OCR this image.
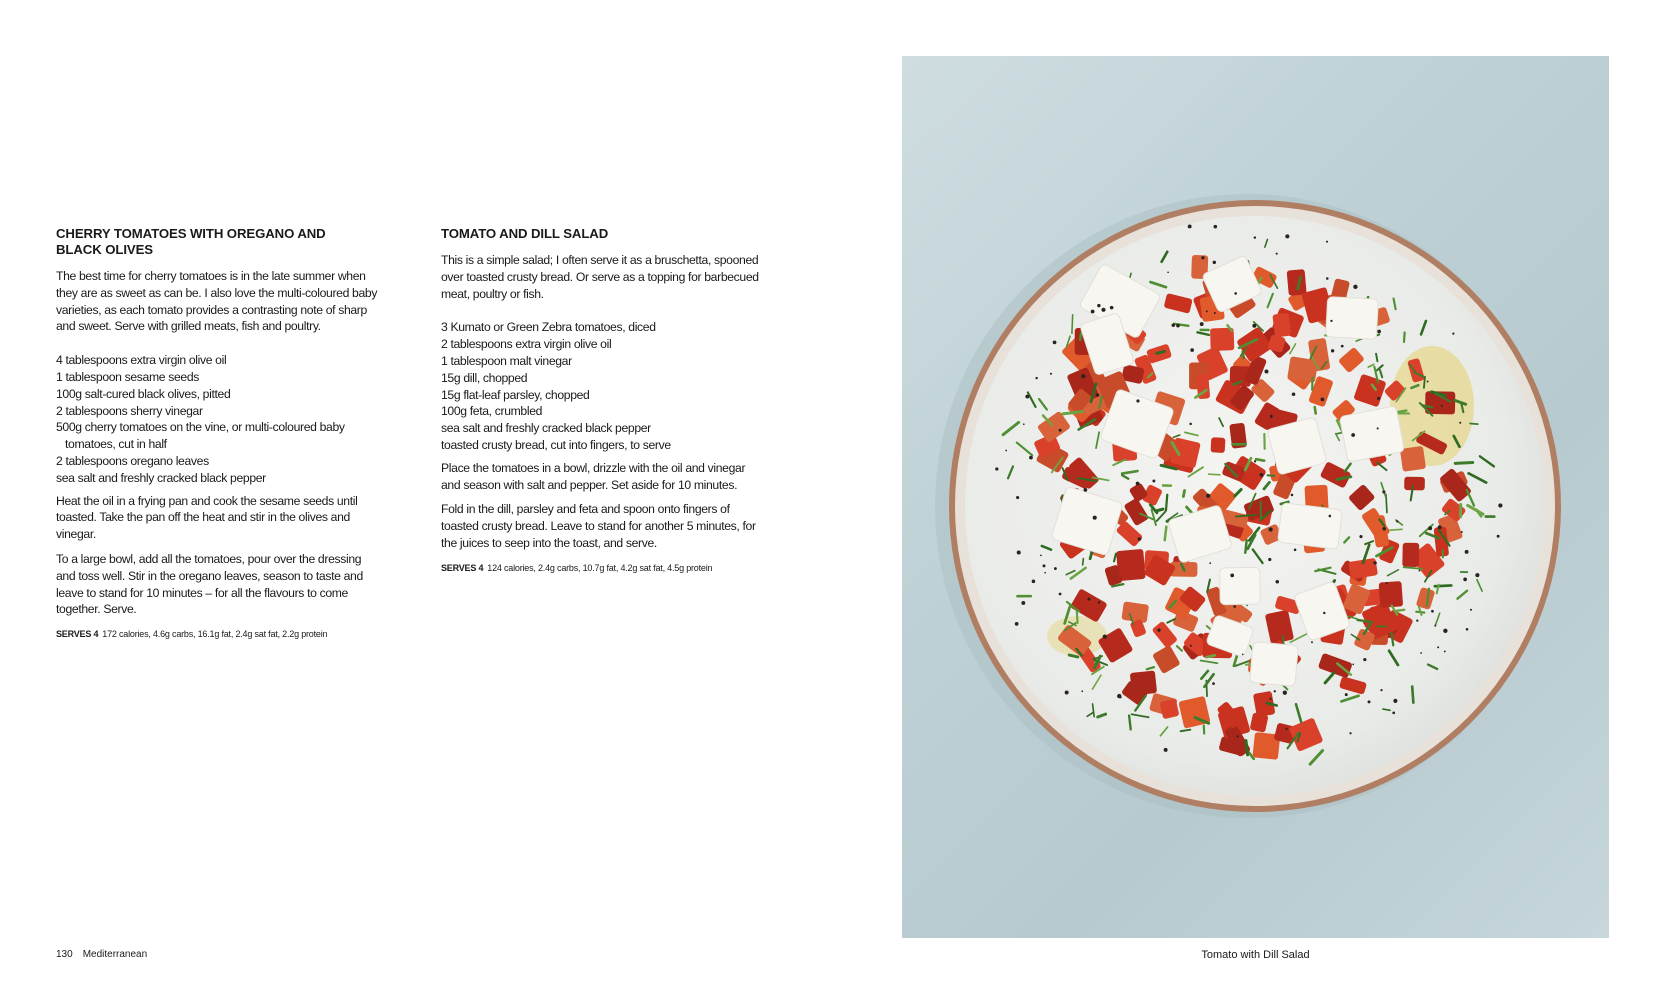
CHERRY TOMATOES WITH OREGANO AND
BLACK OLIVES

The best time for cherry tomatoes is in the late summer when they are as sweet as can be. I also love the multi-coloured baby varieties, as each tomato provides a contrasting note of sharp and sweet. Serve with grilled meats, fish and poultry.

4 tablespoons extra virgin olive oil
1 tablespoon sesame seeds
100g salt-cured black olives, pitted
2 tablespoons sherry vinegar
500g cherry tomatoes on the vine, or multi-coloured baby tomatoes, cut in half
2 tablespoons oregano leaves
sea salt and freshly cracked black pepper

Heat the oil in a frying pan and cook the sesame seeds until toasted. Take the pan off the heat and stir in the olives and vinegar.

To a large bowl, add all the tomatoes, pour over the dressing and toss well. Stir in the oregano leaves, season to taste and leave to stand for 10 minutes – for all the flavours to come together. Serve.

SERVES 4 172 calories, 4.6g carbs, 16.1g fat, 2.4g sat fat, 2.2g protein
TOMATO AND DILL SALAD

This is a simple salad; I often serve it as a bruschetta, spooned over toasted crusty bread. Or serve as a topping for barbecued meat, poultry or fish.

3 Kumato or Green Zebra tomatoes, diced
2 tablespoons extra virgin olive oil
1 tablespoon malt vinegar
15g dill, chopped
15g flat-leaf parsley, chopped
100g feta, crumbled
sea salt and freshly cracked black pepper
toasted crusty bread, cut into fingers, to serve

Place the tomatoes in a bowl, drizzle with the oil and vinegar and season with salt and pepper. Set aside for 10 minutes.

Fold in the dill, parsley and feta and spoon onto fingers of toasted crusty bread. Leave to stand for another 5 minutes, for the juices to seep into the toast, and serve.

SERVES 4 124 calories, 2.4g carbs, 10.7g fat, 4.2g sat fat, 4.5g protein
130 Mediterranean	Tomato with Dill Salad
